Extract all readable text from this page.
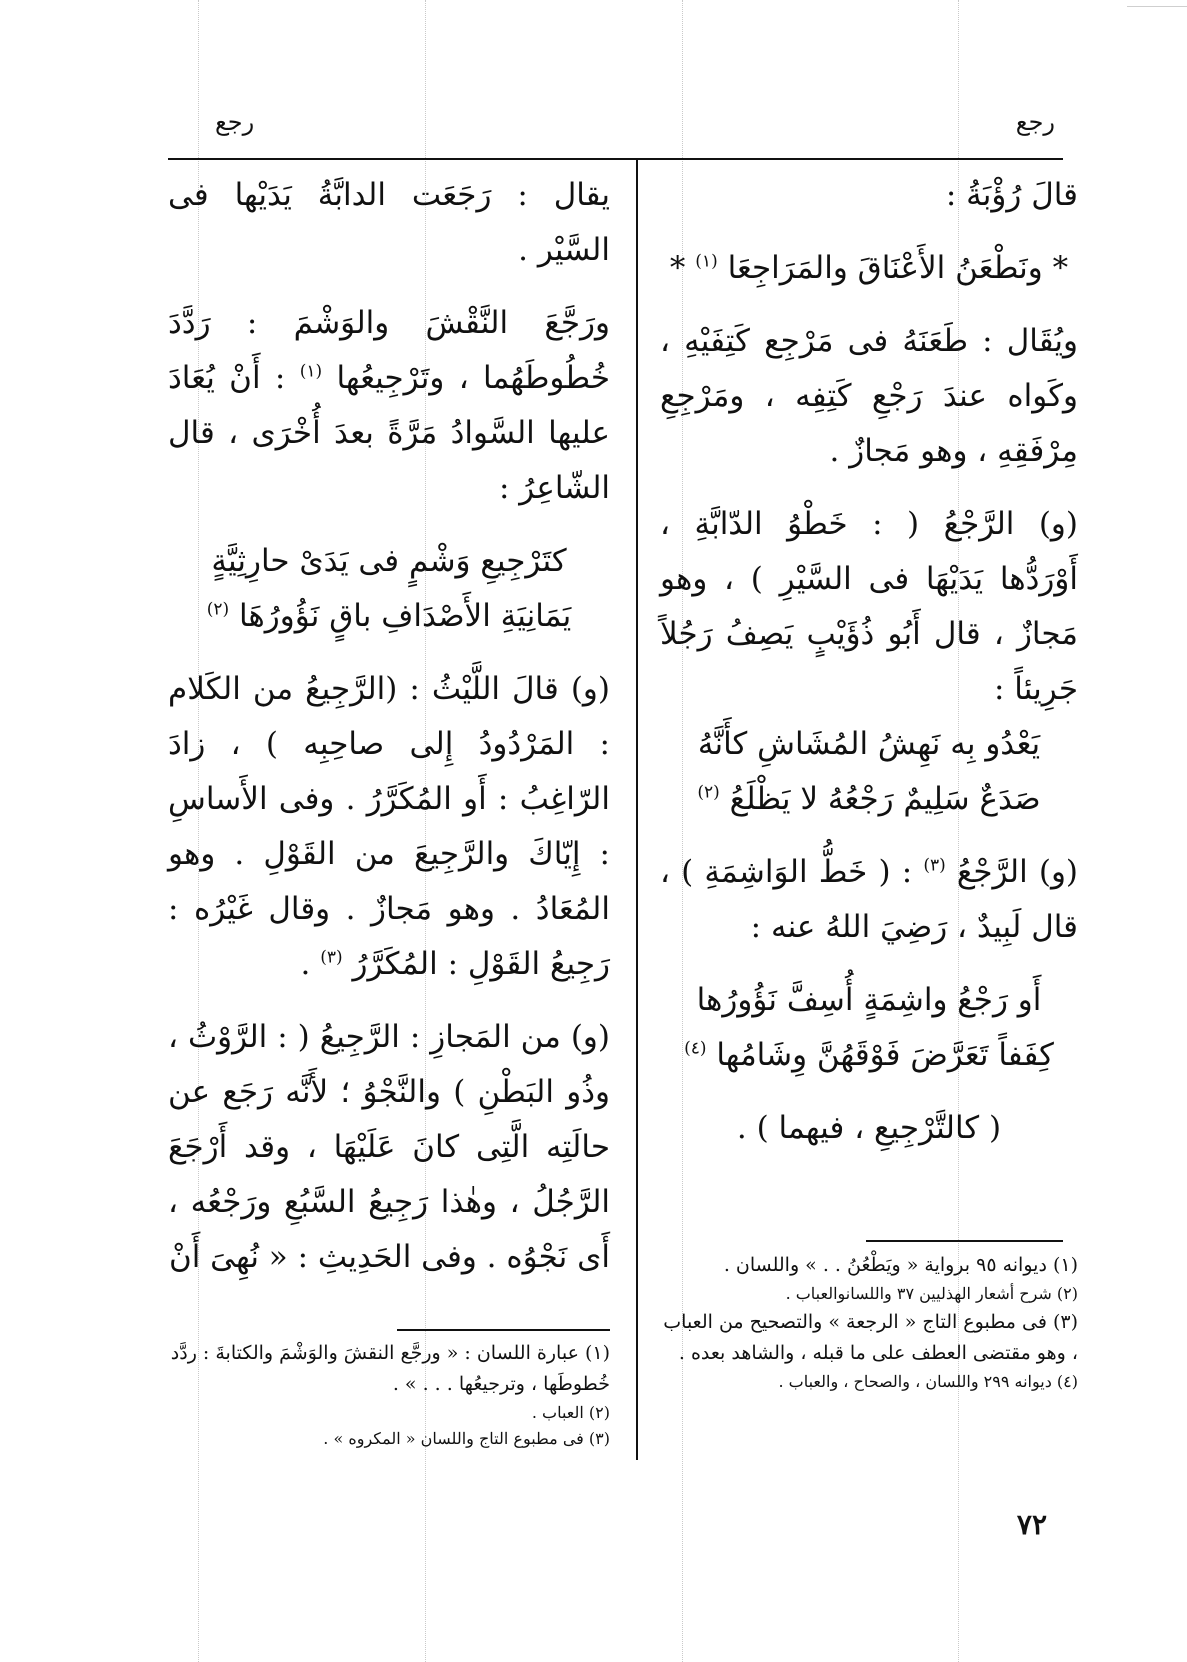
رجع
رجع

قالَ رُؤْبَةُ :

* ونَطْعَنُ الأَعْنَاقَ والمَرَاجِعَا $^{(١)}$ *

ويُقَال : طَعَنَهُ فى مَرْجِع كَتِفَيْهِ ، وكَواه عندَ رَجْعِ كَتِفِه ، ومَرْجِعِ مِرْفَقِهِ ، وهو مَجازٌ .

(و) الرَّجْعُ ( : خَطْوُ الدّابَّةِ ، أَوْرَدُّها يَدَيْهَا فى السَّيْرِ ) ، وهو مَجازٌ ، قال أَبُو ذُؤَيْبٍ يَصِفُ رَجُلاً جَرِيئاً :

يَعْدُو بِه نَهِشُ المُشَاشِ كأَنَّهُ
صَدَعٌ سَلِيمٌ رَجْعُهُ لا يَظْلَعُ $^{(٢)}$

(و) الرَّجْعُ $^{(٣)}$ : ( خَطُّ الوَاشِمَةِ ) ، قال لَبِيدٌ ، رَضِيَ اللهُ عنه :

أَو رَجْعُ واشِمَةٍ أُسِفَّ نَؤُورُها
كِفَفاً تَعَرَّضَ فَوْقَهُنَّ وِشَامُها $^{(٤)}$

( كالتَّرْجِيعِ ، فيهما ) .

يقال : رَجَعَت الدابَّةُ يَدَيْها فى السَّيْر .

ورَجَّعَ النَّقْشَ والوَشْمَ : رَدَّدَ خُطُوطَهُما ، وتَرْجِيعُها $^{(١)}$ : أَنْ يُعَادَ عليها السَّوادُ مَرَّةً بعدَ أُخْرَى ، قال الشّاعِرُ :

كتَرْجِيعِ وَشْمٍ فى يَدَىْ حارِثِيَّةٍ
يَمَانِيَةِ الأَصْدَافِ باقٍ نَؤُورُهَا $^{(٢)}$

(و) قالَ اللَّيْثُ : (الرَّجِيعُ من الكَلام : المَرْدُودُ إِلى صاحِبِه ) ، زادَ الرّاغِبُ : أَو المُكَرَّرُ . وفى الأَساسِ : إِيّاكَ والرَّجِيعَ من القَوْلِ . وهو المُعَادُ . وهو مَجازٌ . وقال غَيْرُه : رَجِيعُ القَوْلِ : المُكَرَّرُ $^{(٣)}$ .

(و) من المَجازِ : الرَّجِيعُ ( : الرَّوْثُ ، وذُو البَطْنِ ) والنَّجْوُ ؛ لأَنَّه رَجَع عن حالَتِه الَّتِى كانَ عَلَيْهَا ، وقد أَرْجَعَ الرَّجُلُ ، وهٰذا رَجِيعُ السَّبُعِ ورَجْعُه ، أَى نَجْوُه . وفى الحَدِيثِ : « نُهِىَ أَنْ	(١) ديوانه ٩٥ برواية « ويَطْعُنُ . . » واللسان .

(٢) شرح أشعار الهذليين ٣٧ واللسانوالعباب .

(٣) فى مطبوع التاج « الرجعة » والتصحيح من العباب ، وهو مقتضى العطف على ما قبله ، والشاهد بعده .

(٤) ديوانه ٢٩٩ واللسان ، والصحاح ، والعباب .

(١) عبارة اللسان : « ورجَّع النقشَ والوَشْمَ والكتابةَ : ردَّد خُطوطَها ، وترجيعُها . . . » .

(٢) العباب .

(٣) فى مطبوع التاج واللسان « المكروه » .

٧٢
